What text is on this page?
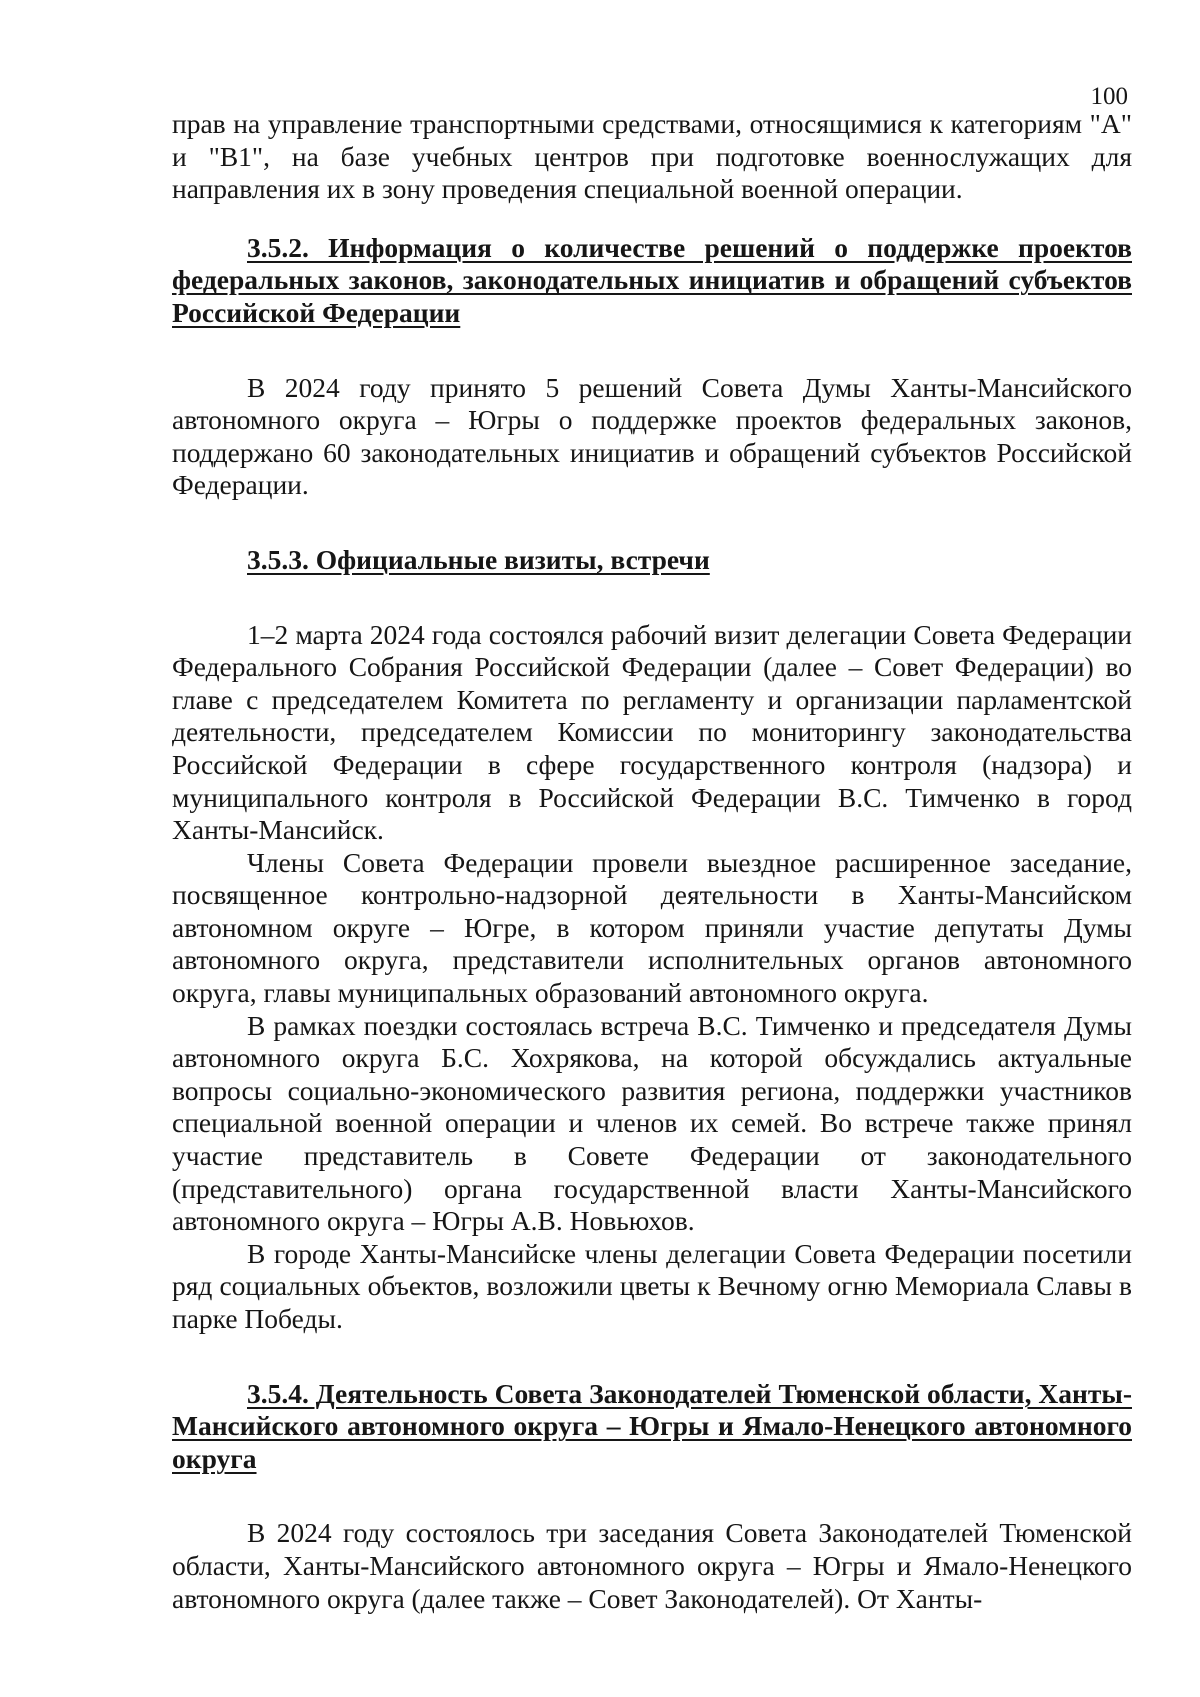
100

прав на управление транспортными средствами, относящимися к категориям "А" и "В1", на базе учебных центров при подготовке военнослужащих для направления их в зону проведения специальной военной операции.

3.5.2. Информация о количестве решений о поддержке проектов федеральных законов, законодательных инициатив и обращений субъектов Российской Федерации

В 2024 году принято 5 решений Совета Думы Ханты-Мансийского автономного округа – Югры о поддержке проектов федеральных законов, поддержано 60 законодательных инициатив и обращений субъектов Российской Федерации.

3.5.3. Официальные визиты, встречи

1–2 марта 2024 года состоялся рабочий визит делегации Совета Федерации Федерального Собрания Российской Федерации (далее – Совет Федерации) во главе с председателем Комитета по регламенту и организации парламентской деятельности, председателем Комиссии по мониторингу законодательства Российской Федерации в сфере государственного контроля (надзора) и муниципального контроля в Российской Федерации В.С. Тимченко в город Ханты-Мансийск.

Члены Совета Федерации провели выездное расширенное заседание, посвященное контрольно-надзорной деятельности в Ханты-Мансийском автономном округе – Югре, в котором приняли участие депутаты Думы автономного округа, представители исполнительных органов автономного округа, главы муниципальных образований автономного округа.

В рамках поездки состоялась встреча В.С. Тимченко и председателя Думы автономного округа Б.С. Хохрякова, на которой обсуждались актуальные вопросы социально-экономического развития региона, поддержки участников специальной военной операции и членов их семей. Во встрече также принял участие представитель в Совете Федерации от законодательного (представительного) органа государственной власти Ханты-Мансийского автономного округа – Югры А.В. Новьюхов.

В городе Ханты-Мансийске члены делегации Совета Федерации посетили ряд социальных объектов, возложили цветы к Вечному огню Мемориала Славы в парке Победы.

3.5.4. Деятельность Совета Законодателей Тюменской области, Ханты-Мансийского автономного округа – Югры и Ямало-Ненецкого автономного округа

В 2024 году состоялось три заседания Совета Законодателей Тюменской области, Ханты-Мансийского автономного округа – Югры и Ямало-Ненецкого автономного округа (далее также – Совет Законодателей). От Ханты-
